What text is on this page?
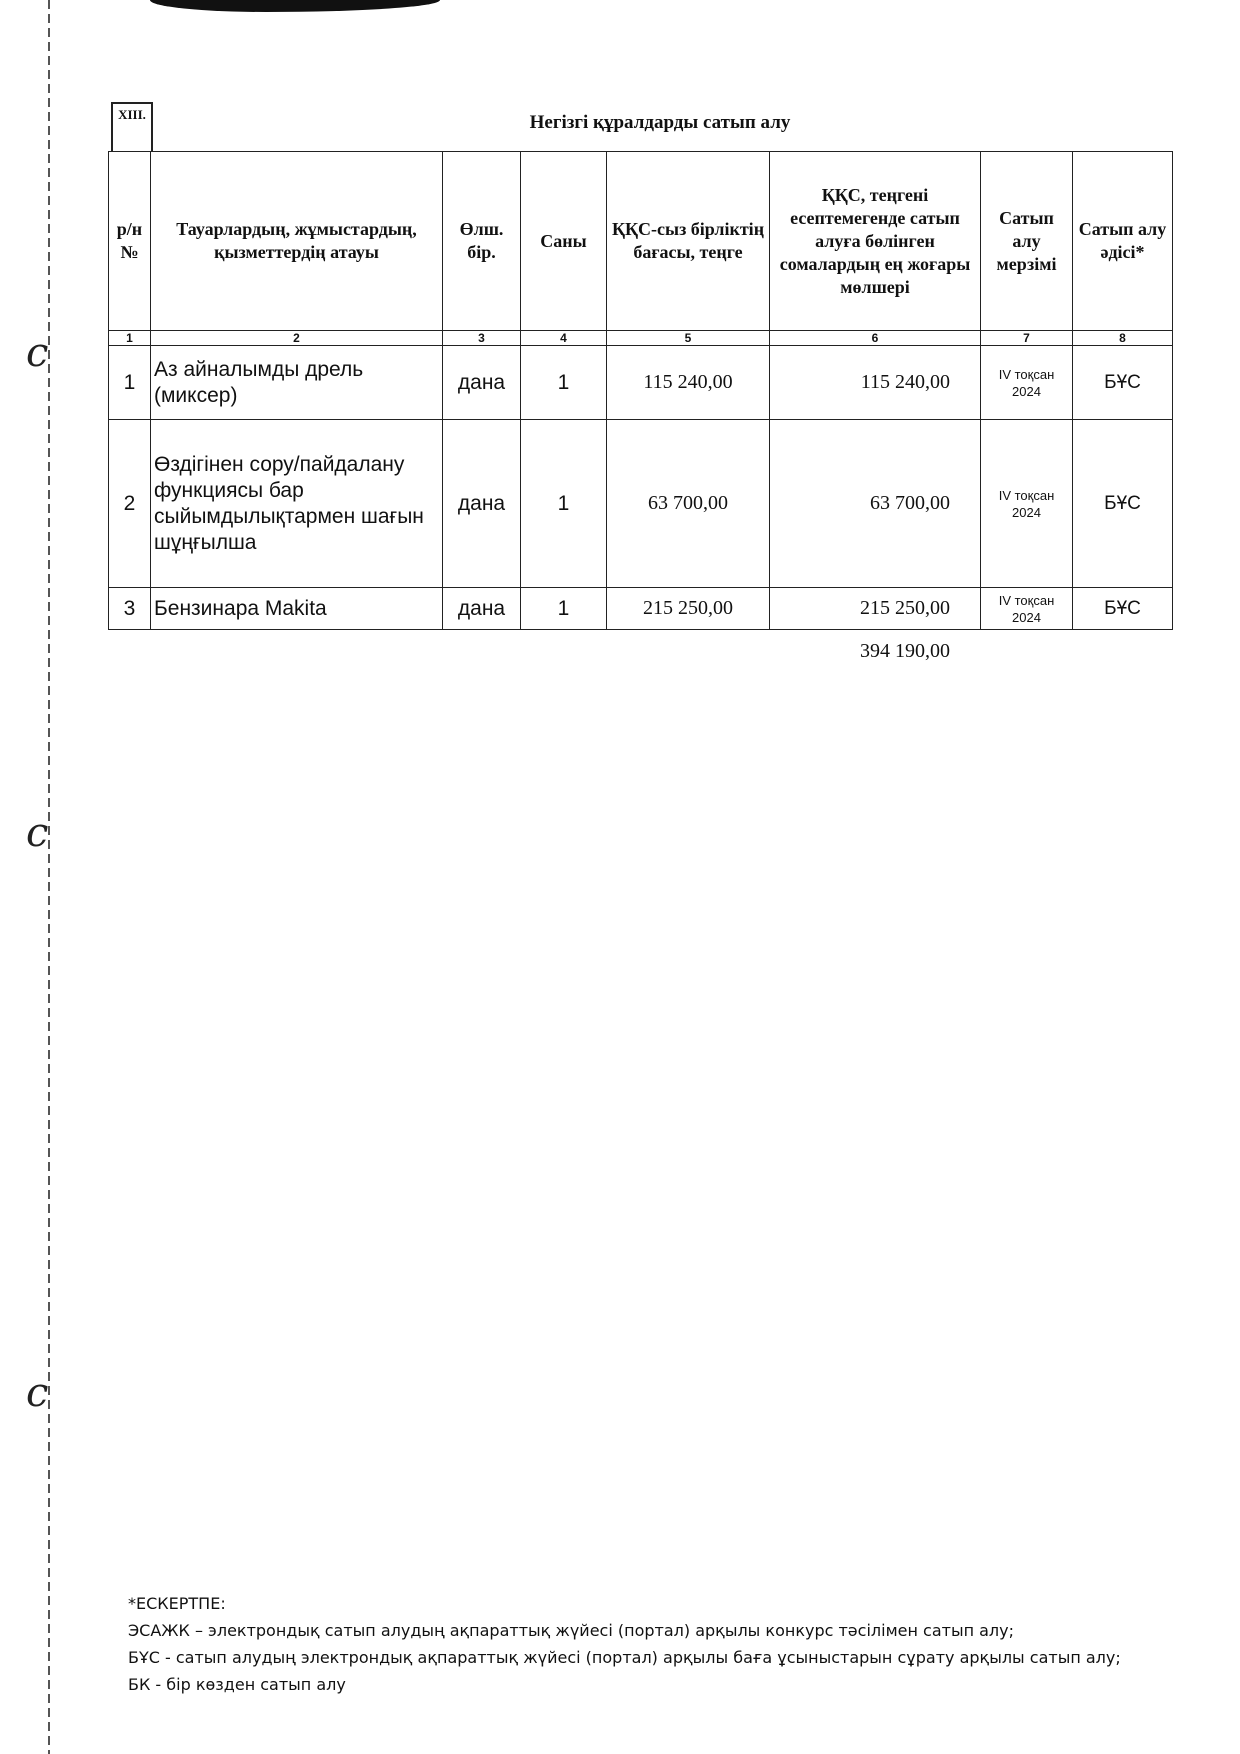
c
c
c
XIII.	Негізгі құралдарды сатып алу
р/н №	Тауарлардың, жұмыстардың, қызметтердің атауы	Өлш. бір.	Саны	ҚҚС-сыз бірліктің бағасы, теңге	ҚҚС, теңгені есептемегенде сатып алуға бөлінген сомалардың ең жоғары мөлшері	Сатып алу мерзімі	Сатып алу әдісі*
1	2	3	4	5	6	7	8
1	Аз айналымды дрель (миксер)	дана	1	115 240,00	115 240,00	IV тоқсан 2024	БҰС
2	Өздігінен сору/пайдалану функциясы бар сыйымдылықтармен шағын шұңғылша	дана	1	63 700,00	63 700,00	IV тоқсан 2024	БҰС
3	Бензинара Makita	дана	1	215 250,00	215 250,00	IV тоқсан 2024	БҰС
394 190,00
*ЕСКЕРТПЕ:
ЭСАЖК – электрондық сатып алудың ақпараттық жүйесі (портал) арқылы конкурс тәсілімен сатып алу;
БҰС - сатып алудың электрондық ақпараттық жүйесі (портал) арқылы баға ұсыныстарын сұрату арқылы сатып алу; БК - бір көзден сатып алу
